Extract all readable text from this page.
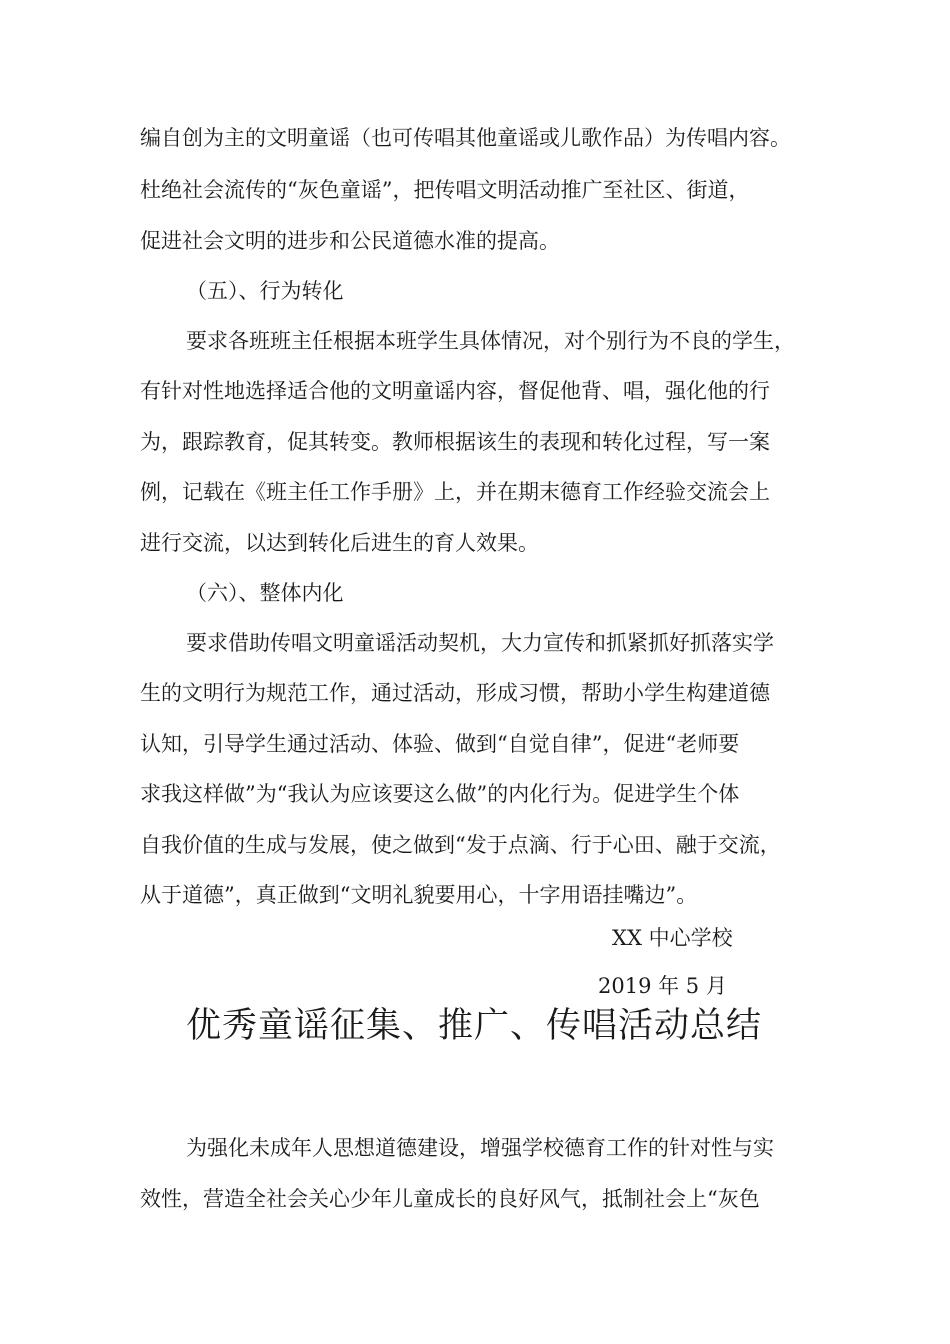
编自创为主的文明童谣（也可传唱其他童谣或儿歌作品）为传唱内容。
杜绝社会流传的“灰色童谣”，把传唱文明活动推广至社区、街道，
促进社会文明的进步和公民道德水准的提高。
（五）、行为转化
要求各班班主任根据本班学生具体情况，对个别行为不良的学生，
有针对性地选择适合他的文明童谣内容，督促他背、唱，强化他的行
为，跟踪教育，促其转变。教师根据该生的表现和转化过程，写一案
例，记载在《班主任工作手册》上，并在期末德育工作经验交流会上
进行交流，以达到转化后进生的育人效果。
（六）、整体内化
要求借助传唱文明童谣活动契机，大力宣传和抓紧抓好抓落实学
生的文明行为规范工作，通过活动，形成习惯，帮助小学生构建道德
认知，引导学生通过活动、体验、做到“自觉自律”，促进“老师要
求我这样做”为“我认为应该要这么做”的内化行为。促进学生个体
自我价值的生成与发展，使之做到“发于点滴、行于心田、融于交流，
从于道德”，真正做到“文明礼貌要用心，十字用语挂嘴边”。
XX 中心学校
2019 年 5 月
优秀童谣征集、推广、传唱活动总结
为强化未成年人思想道德建设，增强学校德育工作的针对性与实
效性，营造全社会关心少年儿童成长的良好风气，抵制社会上“灰色
